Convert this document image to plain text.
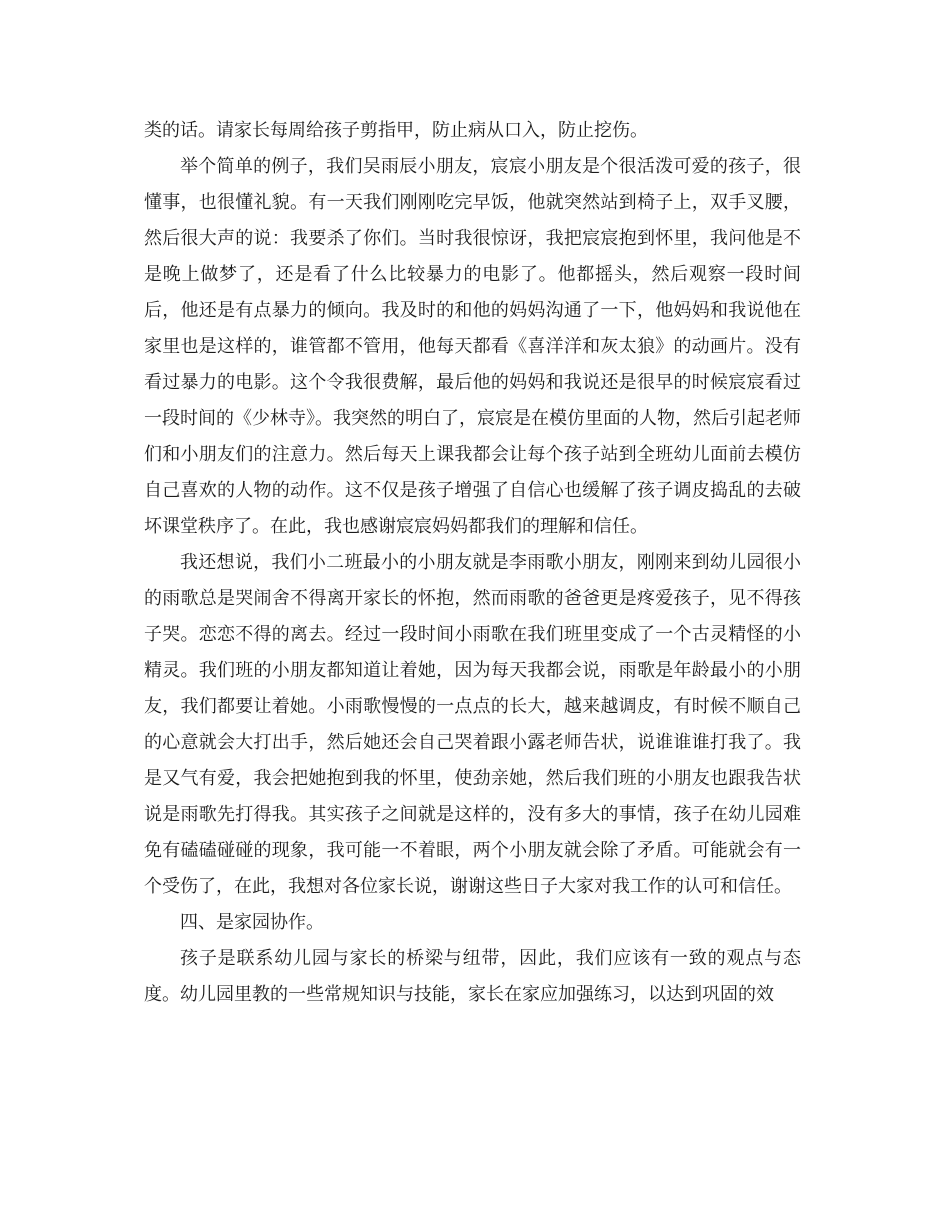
类的话。请家长每周给孩子剪指甲，防止病从口入，防止挖伤。

举个简单的例子，我们吴雨辰小朋友，宸宸小朋友是个很活泼可爱的孩子，很懂事，也很懂礼貌。有一天我们刚刚吃完早饭，他就突然站到椅子上，双手叉腰，然后很大声的说：我要杀了你们。当时我很惊讶，我把宸宸抱到怀里，我问他是不是晚上做梦了，还是看了什么比较暴力的电影了。他都摇头，然后观察一段时间后，他还是有点暴力的倾向。我及时的和他的妈妈沟通了一下，他妈妈和我说他在家里也是这样的，谁管都不管用，他每天都看《喜洋洋和灰太狼》的动画片。没有看过暴力的电影。这个令我很费解，最后他的妈妈和我说还是很早的时候宸宸看过一段时间的《少林寺》。我突然的明白了，宸宸是在模仿里面的人物，然后引起老师们和小朋友们的注意力。然后每天上课我都会让每个孩子站到全班幼儿面前去模仿自己喜欢的人物的动作。这不仅是孩子增强了自信心也缓解了孩子调皮捣乱的去破坏课堂秩序了。在此，我也感谢宸宸妈妈都我们的理解和信任。

我还想说，我们小二班最小的小朋友就是李雨歌小朋友，刚刚来到幼儿园很小的雨歌总是哭闹舍不得离开家长的怀抱，然而雨歌的爸爸更是疼爱孩子，见不得孩子哭。恋恋不得的离去。经过一段时间小雨歌在我们班里变成了一个古灵精怪的小精灵。我们班的小朋友都知道让着她，因为每天我都会说，雨歌是年龄最小的小朋友，我们都要让着她。小雨歌慢慢的一点点的长大，越来越调皮，有时候不顺自己的心意就会大打出手，然后她还会自己哭着跟小露老师告状，说谁谁谁打我了。我是又气有爱，我会把她抱到我的怀里，使劲亲她，然后我们班的小朋友也跟我告状说是雨歌先打得我。其实孩子之间就是这样的，没有多大的事情，孩子在幼儿园难免有磕磕碰碰的现象，我可能一不着眼，两个小朋友就会除了矛盾。可能就会有一个受伤了，在此，我想对各位家长说，谢谢这些日子大家对我工作的认可和信任。

四、是家园协作。

孩子是联系幼儿园与家长的桥梁与纽带，因此，我们应该有一致的观点与态度。幼儿园里教的一些常规知识与技能，家长在家应加强练习，以达到巩固的效
